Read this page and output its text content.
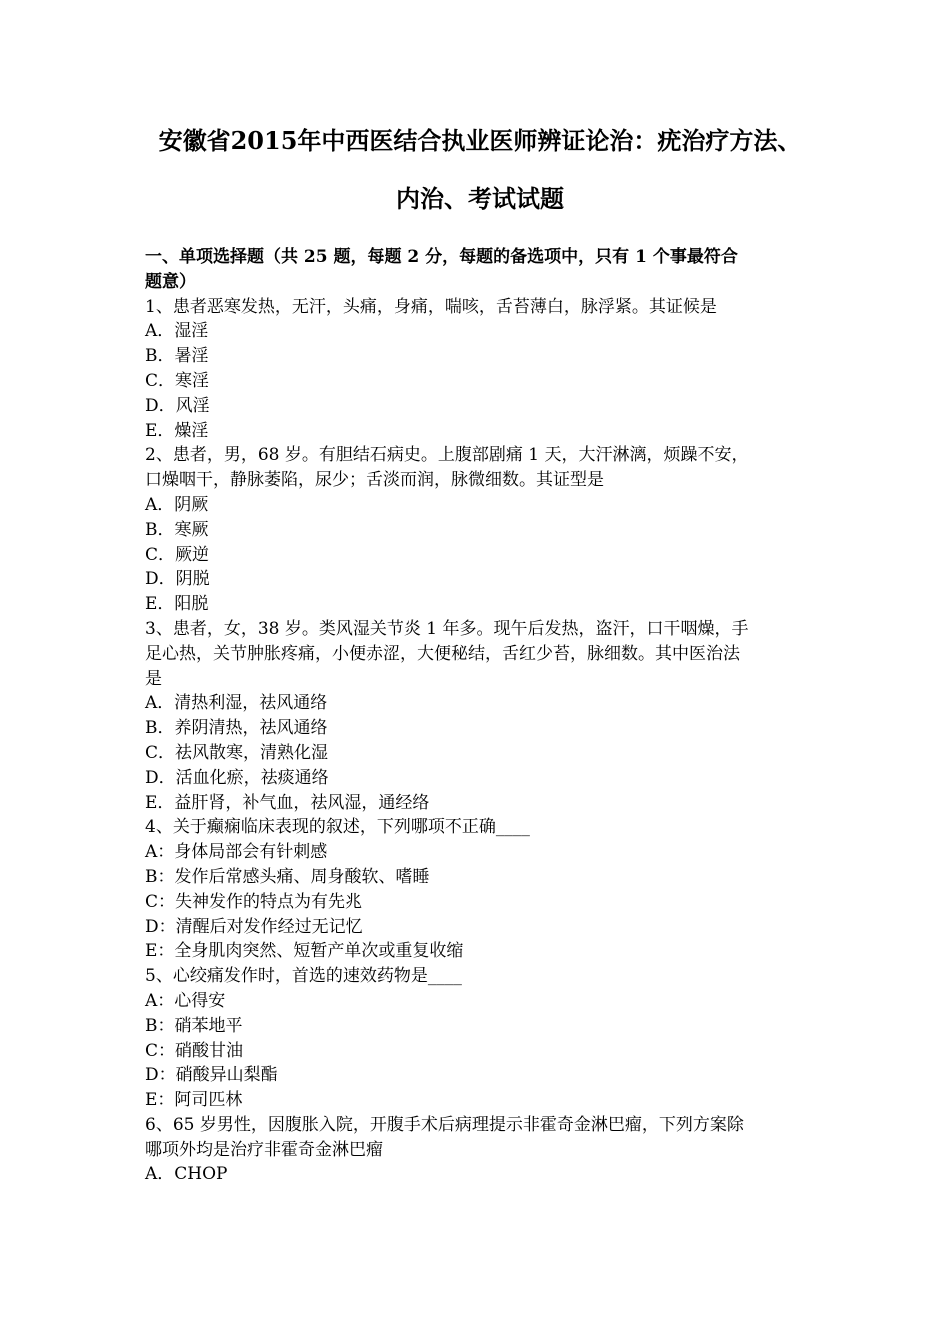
安徽省2015年中西医结合执业医师辨证论治：疣治疗方法、
内治、考试试题
一、单项选择题（共 25 题，每题 2 分，每题的备选项中，只有 1 个事最符合
题意）
1、患者恶寒发热，无汗，头痛，身痛，喘咳，舌苔薄白，脉浮紧。其证候是
A．湿淫
B．暑淫
C．寒淫
D．风淫
E．燥淫
2、患者，男，68 岁。有胆结石病史。上腹部剧痛 1 天，大汗淋漓，烦躁不安，
口燥咽干，静脉萎陷，尿少；舌淡而润，脉微细数。其证型是
A．阴厥
B．寒厥
C．厥逆
D．阴脱
E．阳脱
3、患者，女，38 岁。类风湿关节炎 1 年多。现午后发热，盗汗，口干咽燥，手
足心热，关节肿胀疼痛，小便赤涩，大便秘结，舌红少苔，脉细数。其中医治法
是
A．清热利湿，祛风通络
B．养阴清热，祛风通络
C．祛风散寒，清熟化湿
D．活血化瘀，祛痰通络
E．益肝肾，补气血，祛风湿，通经络
4、关于癫痫临床表现的叙述，下列哪项不正确____
A：身体局部会有针刺感
B：发作后常感头痛、周身酸软、嗜睡
C：失神发作的特点为有先兆
D：清醒后对发作经过无记忆
E：全身肌肉突然、短暂产单次或重复收缩
5、心绞痛发作时，首选的速效药物是____
A：心得安
B：硝苯地平
C：硝酸甘油
D：硝酸异山梨酯
E：阿司匹林
6、65 岁男性，因腹胀入院，开腹手术后病理提示非霍奇金淋巴瘤，下列方案除
哪项外均是治疗非霍奇金淋巴瘤
A．CHOP
